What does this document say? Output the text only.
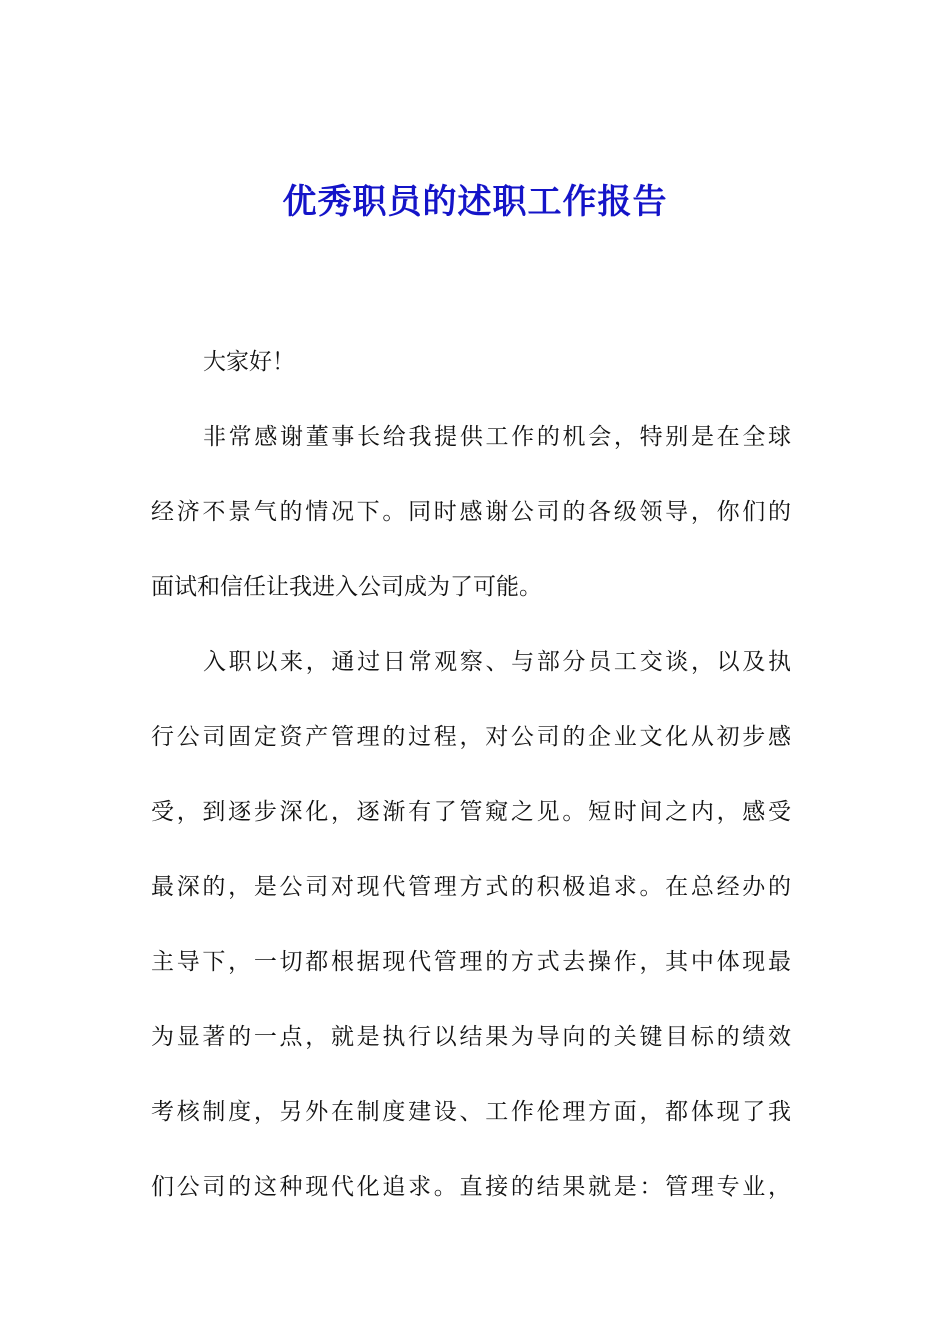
优秀职员的述职工作报告

大家好！

非常感谢董事长给我提供工作的机会，特别是在全球
经济不景气的情况下。同时感谢公司的各级领导，你们的
面试和信任让我进入公司成为了可能。

入职以来，通过日常观察、与部分员工交谈，以及执
行公司固定资产管理的过程，对公司的企业文化从初步感
受，到逐步深化，逐渐有了管窥之见。短时间之内，感受
最深的，是公司对现代管理方式的积极追求。在总经办的
主导下，一切都根据现代管理的方式去操作，其中体现最
为显著的一点，就是执行以结果为导向的关键目标的绩效
考核制度，另外在制度建设、工作伦理方面，都体现了我
们公司的这种现代化追求。直接的结果就是：管理专业，
